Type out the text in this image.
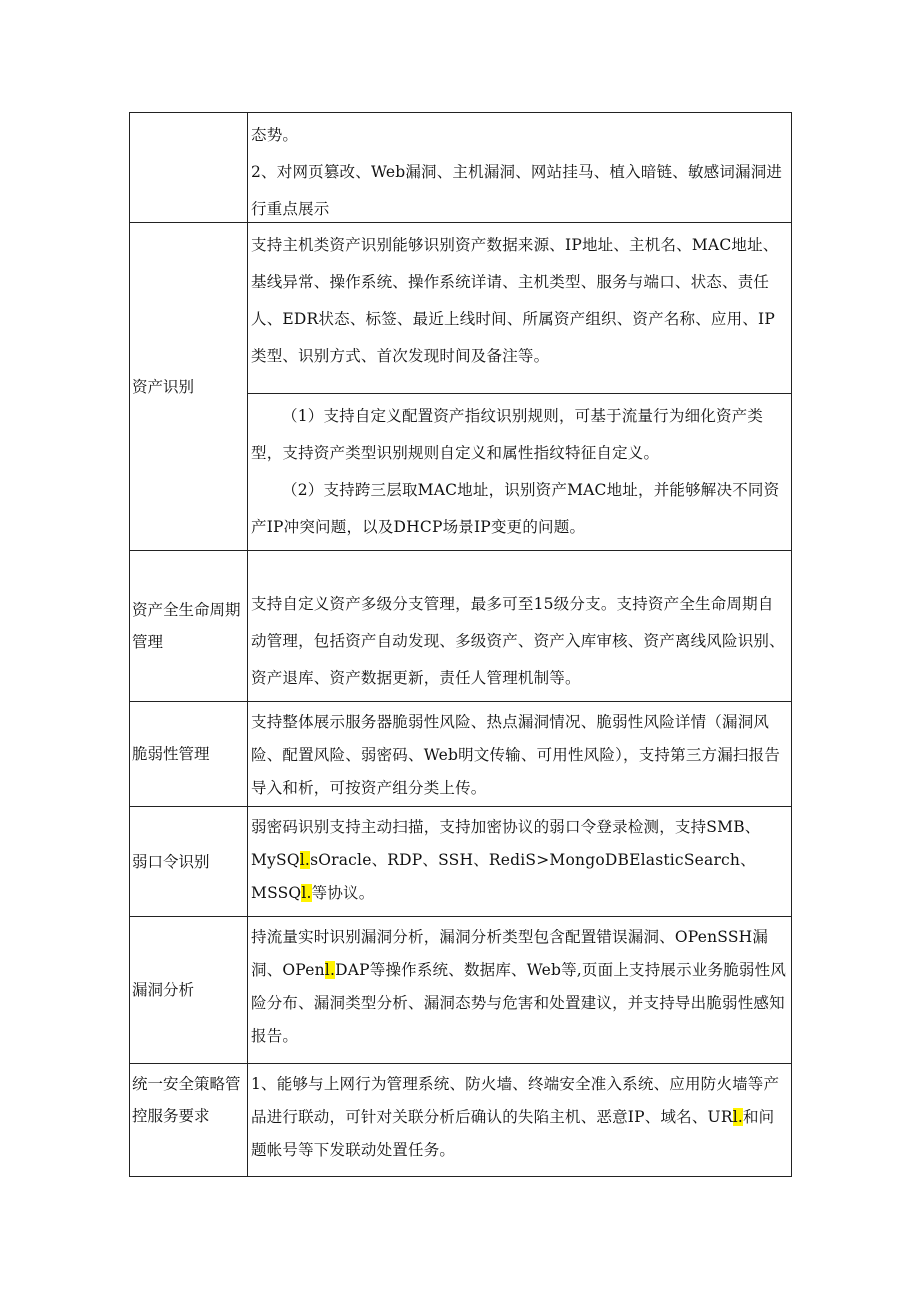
态势。

2、对网页篡改、Web漏洞、主机漏洞、网站挂马、植入暗链、敏感词漏洞进行重点展示

资产识别

支持主机类资产识别能够识别资产数据来源、IP地址、主机名、MAC地址、基线异常、操作系统、操作系统详请、主机类型、服务与端口、状态、责任人、EDR状态、标签、最近上线时间、所属资产组织、资产名称、应用、IP类型、识别方式、首次发现时间及备注等。

（1）支持自定义配置资产指纹识别规则，可基于流量行为细化资产类型，支持资产类型识别规则自定义和属性指纹特征自定义。

（2）支持跨三层取MAC地址，识别资产MAC地址，并能够解决不同资产IP冲突问题，以及DHCP场景IP变更的问题。

资产全生命周期管理

支持自定义资产多级分支管理，最多可至15级分支。支持资产全生命周期自动管理，包括资产自动发现、多级资产、资产入库审核、资产离线风险识别、资产退库、资产数据更新，责任人管理机制等。

脆弱性管理

支持整体展示服务器脆弱性风险、热点漏洞情况、脆弱性风险详情（漏洞风险、配置风险、弱密码、Web明文传输、可用性风险），支持第三方漏扫报告导入和析，可按资产组分类上传。

弱口令识别

弱密码识别支持主动扫描，支持加密协议的弱口令登录检测，支持SMB、MySQl.sOracle、RDP、SSH、RediS>MongoDBElasticSearch、MSSQl.等协议。

漏洞分析

持流量实时识别漏洞分析，漏洞分析类型包含配置错误漏洞、OPenSSH漏洞、OPenl.DAP等操作系统、数据库、Web等,页面上支持展示业务脆弱性风险分布、漏洞类型分析、漏洞态势与危害和处置建议，并支持导出脆弱性感知报告。

统一安全策略管控服务要求

1、能够与上网行为管理系统、防火墙、终端安全准入系统、应用防火墙等产品进行联动，可针对关联分析后确认的失陷主机、恶意IP、域名、URl.和问题帐号等下发联动处置任务。
